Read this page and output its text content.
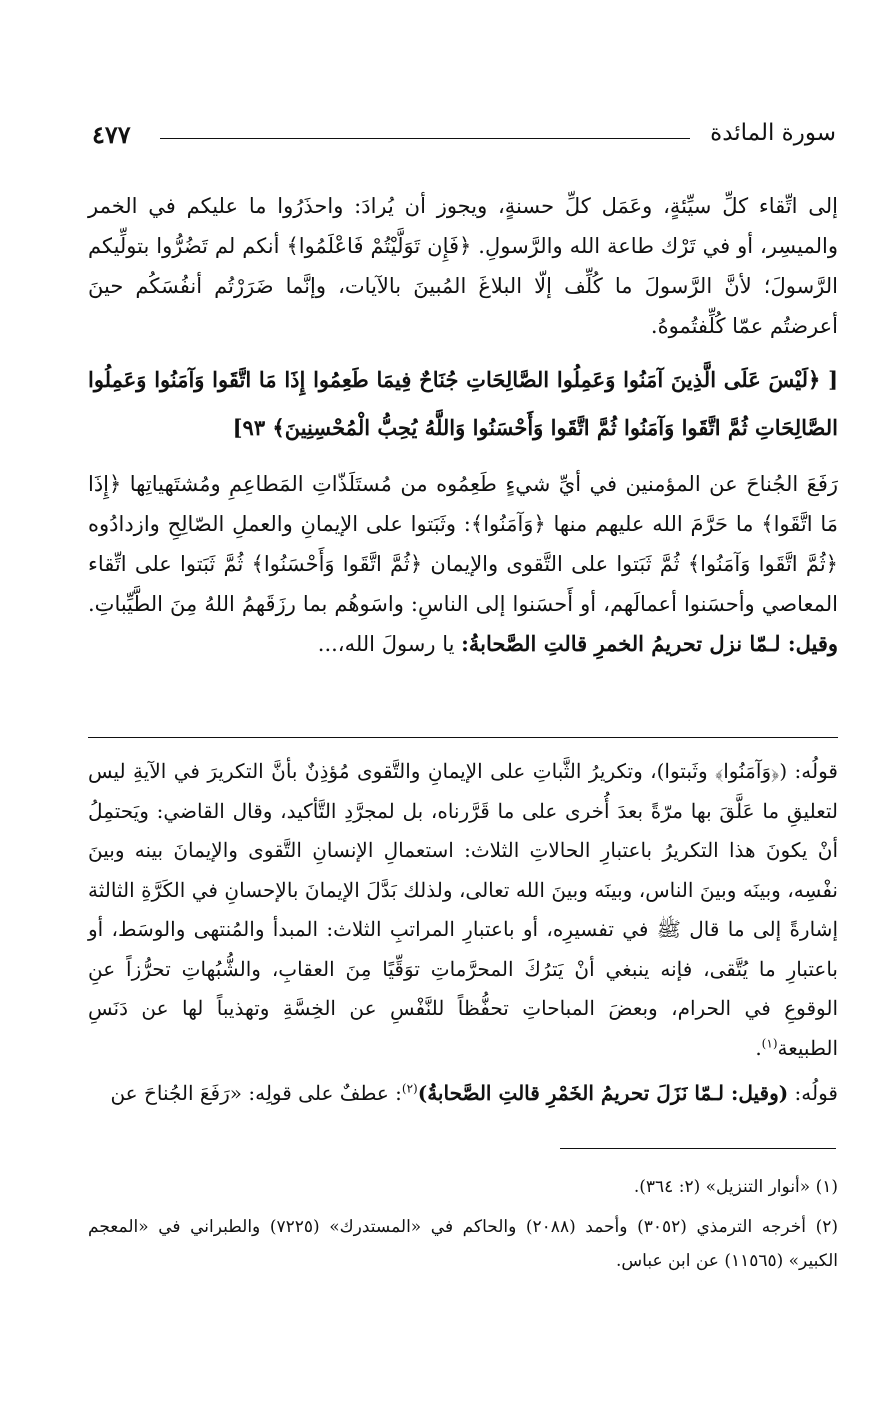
سورة المائدة
٤٧٧

إلى اتِّقاء كلِّ سيِّئةٍ، وعَمَل كلِّ حسنةٍ، ويجوز أن يُرادَ: واحذَرُوا ما عليكم في الخمر والميسِر، أو في تَرْك طاعة الله والرَّسولِ. ﴿فَإِن تَوَلَّيْتُمْ فَاعْلَمُوا﴾ أنكم لم تَضُرُّوا بتولِّيكم الرَّسولَ؛ لأنَّ الرَّسولَ ما كُلِّف إلّا البلاغَ المُبينَ بالآيات، وإنَّما ضَرَرْتُم أنفُسَكُم حينَ أعرضتُم عمّا كُلِّفتُموهُ.

[ ﴿لَيْسَ عَلَى الَّذِينَ آمَنُوا وَعَمِلُوا الصَّالِحَاتِ جُنَاحٌ فِيمَا طَعِمُوا إِذَا مَا اتَّقَوا وَآمَنُوا وَعَمِلُوا الصَّالِحَاتِ ثُمَّ اتَّقَوا وَآمَنُوا ثُمَّ اتَّقَوا وَأَحْسَنُوا وَاللَّهُ يُحِبُّ الْمُحْسِنِينَ﴾ ٩٣]

رَفَعَ الجُناحَ عن المؤمنين في أيِّ شيءٍ طَعِمُوه من مُستَلَذّاتِ المَطاعِمِ ومُشتَهياتِها ﴿إِذَا مَا اتَّقَوا﴾ ما حَرَّمَ الله عليهم منها ﴿وَآمَنُوا﴾: وثَبَتوا على الإيمانِ والعملِ الصّالِحِ وازدادُوه ﴿ثُمَّ اتَّقَوا وَآمَنُوا﴾ ثُمَّ ثَبَتوا على التَّقوى والإيمان ﴿ثُمَّ اتَّقَوا وَأَحْسَنُوا﴾ ثُمَّ ثَبَتوا على اتِّقاء المعاصي وأحسَنوا أعمالَهم، أو أَحسَنوا إلى الناسِ: واسَوهُم بما رزَقَهمُ اللهُ مِنَ الطَّيِّباتِ. وقيل: لـمّا نزل تحريمُ الخمرِ قالتِ الصَّحابةُ: يا رسولَ الله،...

قولُه: (﴿وَآمَنُوا﴾ وثَبتوا)، وتكريرُ الثَّباتِ على الإيمانِ والتَّقوى مُؤذِنٌ بأنَّ التكريرَ في الآيةِ ليس لتعليقِ ما عَلَّقَ بها مرّةً بعدَ أُخرى على ما قَرَّرناه، بل لمجرَّدِ التَّأكيد، وقال القاضي: ويَحتمِلُ أنْ يكونَ هذا التكريرُ باعتبارِ الحالاتِ الثلاث: استعمالِ الإنسانِ التَّقوى والإيمانَ بينه وبينَ نفْسِه، وبينَه وبينَ الناس، وبينَه وبينَ الله تعالى، ولذلك بَدَّلَ الإيمانَ بالإحسانِ في الكَرَّةِ الثالثة إشارةً إلى ما قال ﷺ في تفسيرِه، أو باعتبارِ المراتبِ الثلاث: المبدأ والمُنتهى والوسَط، أو باعتبارِ ما يُتَّقى، فإنه ينبغي أنْ يَترُكَ المحرَّماتِ توَقِّيًا مِنَ العقابِ، والشُّبُهاتِ تحرُّزاً عنِ الوقوعِ في الحرام، وبعضَ المباحاتِ تحفُّظاً للنَّفْسِ عن الخِسَّةِ وتهذيباً لها عن دَنَسِ الطبيعة$^{(١)}$.

قولُه: (وقيل: لـمّا نَزَلَ تحريمُ الخَمْرِ قالتِ الصَّحابةُ)$^{(٢)}$: عطفٌ على قولِه: «رَفَعَ الجُناحَ عن

(١) «أنوار التنزيل» (٢: ٣٦٤).

(٢) أخرجه الترمذي (٣٠٥٢) وأحمد (٢٠٨٨) والحاكم في «المستدرك» (٧٢٢٥) والطبراني في «المعجم الكبير» (١١٥٦٥) عن ابن عباس.
